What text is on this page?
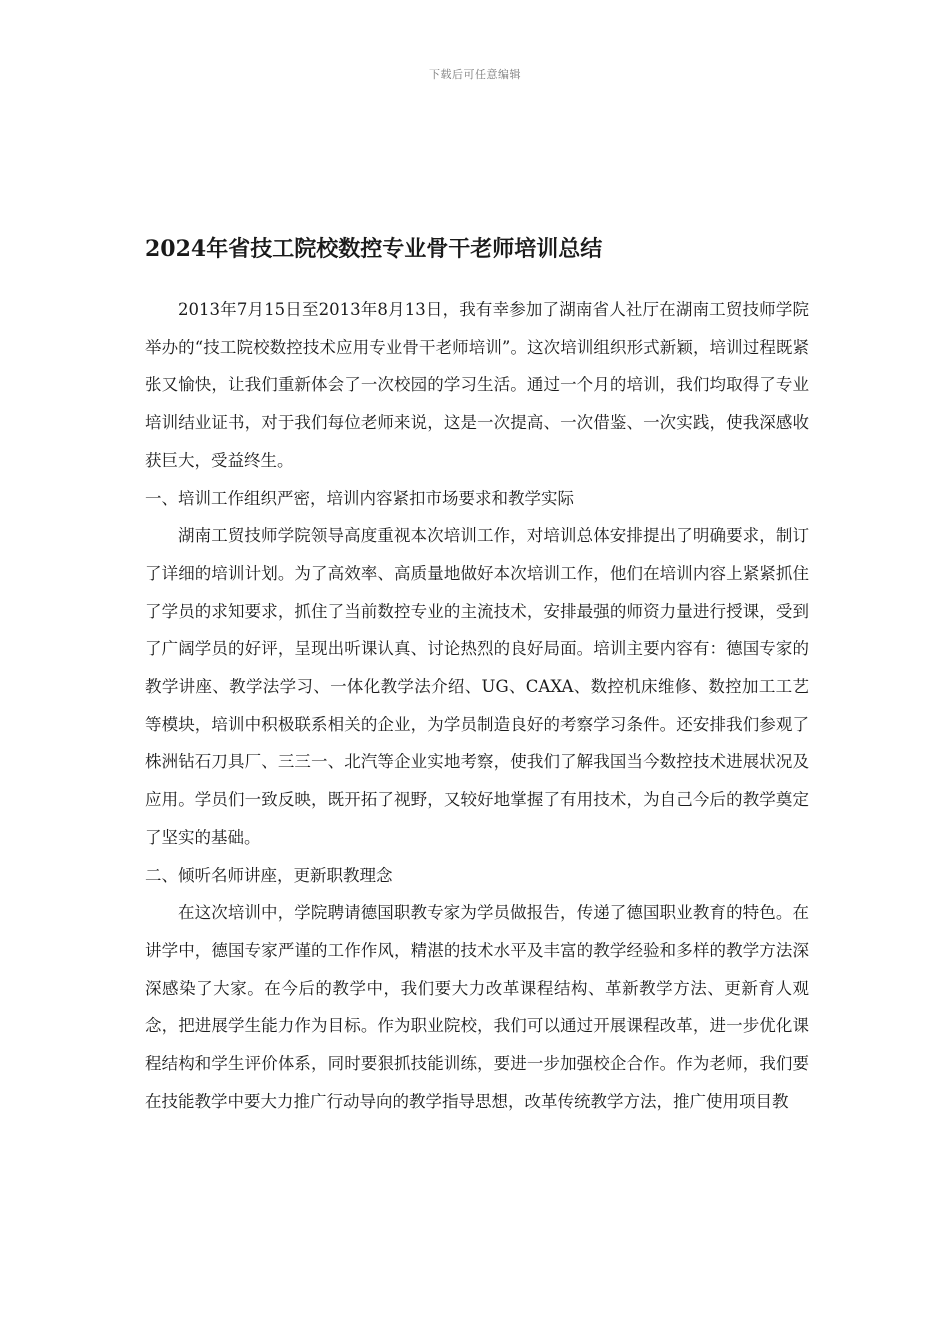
下载后可任意编辑
2024年省技工院校数控专业骨干老师培训总结

2013年7月15日至2013年8月13日，我有幸参加了湖南省人社厅在湖南工贸技师学院举办的“技工院校数控技术应用专业骨干老师培训”。这次培训组织形式新颖，培训过程既紧张又愉快，让我们重新体会了一次校园的学习生活。通过一个月的培训，我们均取得了专业培训结业证书，对于我们每位老师来说，这是一次提高、一次借鉴、一次实践，使我深感收获巨大，受益终生。

一、培训工作组织严密，培训内容紧扣市场要求和教学实际

湖南工贸技师学院领导高度重视本次培训工作，对培训总体安排提出了明确要求，制订了详细的培训计划。为了高效率、高质量地做好本次培训工作，他们在培训内容上紧紧抓住了学员的求知要求，抓住了当前数控专业的主流技术，安排最强的师资力量进行授课，受到了广阔学员的好评，呈现出听课认真、讨论热烈的良好局面。培训主要内容有：德国专家的教学讲座、教学法学习、一体化教学法介绍、UG、CAXA、数控机床维修、数控加工工艺等模块，培训中积极联系相关的企业，为学员制造良好的考察学习条件。还安排我们参观了株洲钻石刀具厂、三三一、北汽等企业实地考察，使我们了解我国当今数控技术进展状况及应用。学员们一致反映，既开拓了视野，又较好地掌握了有用技术，为自己今后的教学奠定了坚实的基础。

二、倾听名师讲座，更新职教理念

在这次培训中，学院聘请德国职教专家为学员做报告，传递了德国职业教育的特色。在讲学中，德国专家严谨的工作作风，精湛的技术水平及丰富的教学经验和多样的教学方法深深感染了大家。在今后的教学中，我们要大力改革课程结构、革新教学方法、更新育人观念，把进展学生能力作为目标。作为职业院校，我们可以通过开展课程改革，进一步优化课程结构和学生评价体系，同时要狠抓技能训练，要进一步加强校企合作。作为老师，我们要在技能教学中要大力推广行动导向的教学指导思想，改革传统教学方法，推广使用项目教
